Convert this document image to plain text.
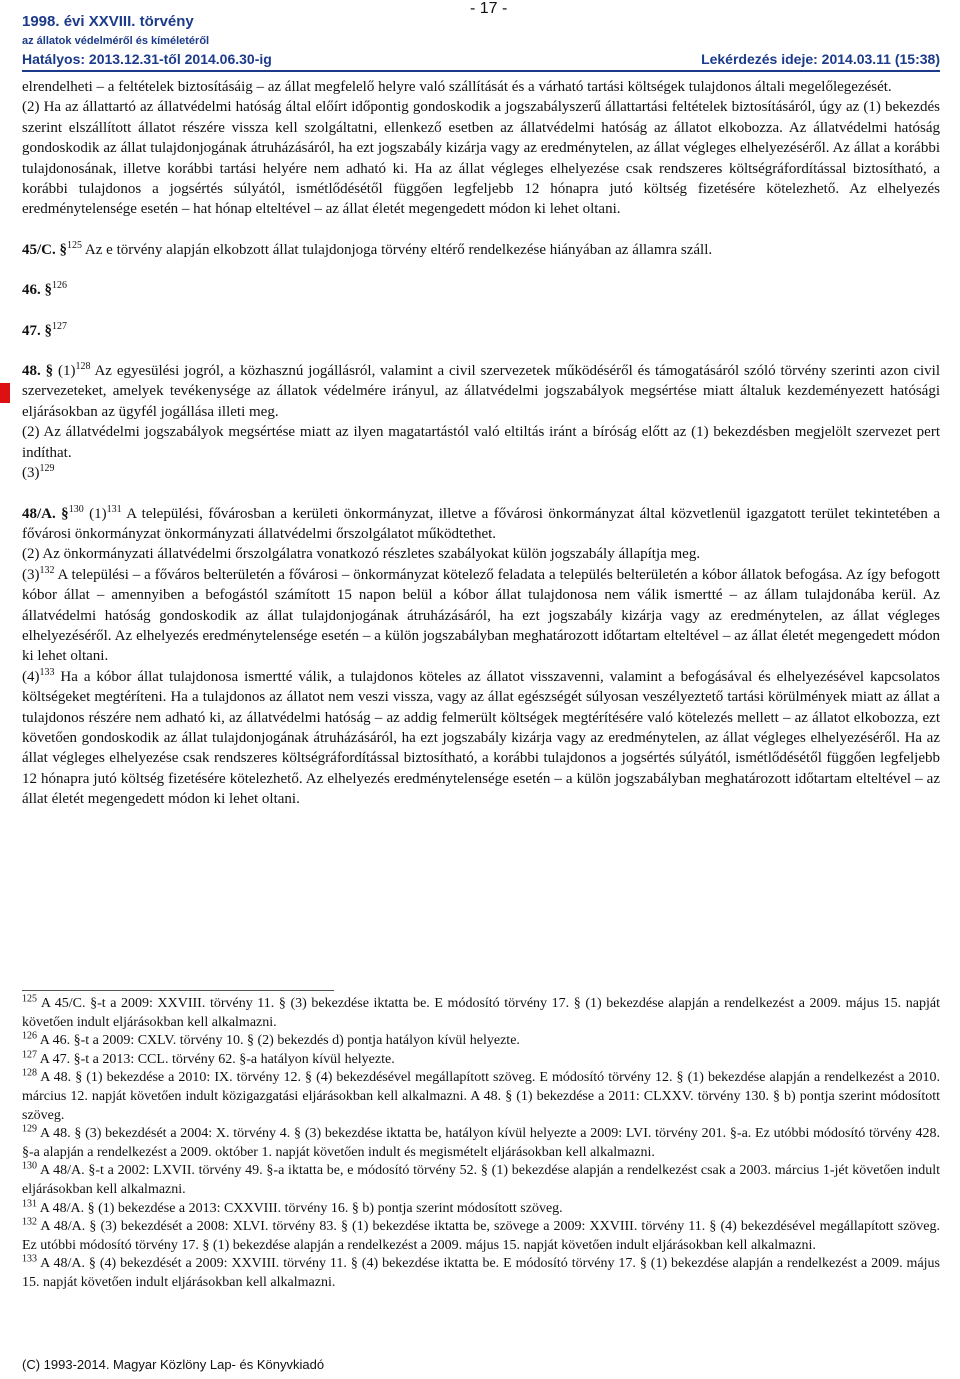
1998. évi XXVIII. törvény
az állatok védelméről és kíméletéről
Hatályos: 2013.12.31-től 2014.06.30-ig	Lekérdezés ideje: 2014.03.11 (15:38)
- 17 -

elrendelheti – a feltételek biztosításáig – az állat megfelelő helyre való szállítását és a várható tartási költségek tulajdonos általi megelőlegezését.

(2) Ha az állattartó az állatvédelmi hatóság által előírt időpontig gondoskodik a jogszabályszerű állattartási feltételek biztosításáról, úgy az (1) bekezdés szerint elszállított állatot részére vissza kell szolgáltatni, ellenkező esetben az állatvédelmi hatóság az állatot elkobozza. Az állatvédelmi hatóság gondoskodik az állat tulajdonjogának átruházásáról, ha ezt jogszabály kizárja vagy az eredménytelen, az állat végleges elhelyezéséről. Az állat a korábbi tulajdonosának, illetve korábbi tartási helyére nem adható ki. Ha az állat végleges elhelyezése csak rendszeres költségráfordítással biztosítható, a korábbi tulajdonos a jogsértés súlyától, ismétlődésétől függően legfeljebb 12 hónapra jutó költség fizetésére kötelezhető. Az elhelyezés eredménytelensége esetén – hat hónap elteltével – az állat életét megengedett módon ki lehet oltani.

45/C. §$^{125}$ Az e törvény alapján elkobzott állat tulajdonjoga törvény eltérő rendelkezése hiányában az államra száll.

46. §$^{126}$

47. §$^{127}$

48. § $(1)^{128}$ Az egyesülési jogról, a közhasznú jogállásról, valamint a civil szervezetek működéséről és támogatásáról szóló törvény szerinti azon civil szervezeteket, amelyek tevékenysége az állatok védelmére irányul, az állatvédelmi jogszabályok megsértése miatt általuk kezdeményezett hatósági eljárásokban az ügyfél jogállása illeti meg.

(2) Az állatvédelmi jogszabályok megsértése miatt az ilyen magatartástól való eltiltás iránt a bíróság előtt az (1) bekezdésben megjelölt szervezet pert indíthat.

$(3)^{129}$

48/A. §$^{130}$ $(1)^{131}$ A települési, fővárosban a kerületi önkormányzat, illetve a fővárosi önkormányzat által közvetlenül igazgatott terület tekintetében a fővárosi önkormányzat önkormányzati állatvédelmi őrszolgálatot működtethet.

(2) Az önkormányzati állatvédelmi őrszolgálatra vonatkozó részletes szabályokat külön jogszabály állapítja meg.

$(3)^{132}$ A települési – a főváros belterületén a fővárosi – önkormányzat kötelező feladata a település belterületén a kóbor állatok befogása. Az így befogott kóbor állat – amennyiben a befogástól számított 15 napon belül a kóbor állat tulajdonosa nem válik ismertté – az állam tulajdonába kerül. Az állatvédelmi hatóság gondoskodik az állat tulajdonjogának átruházásáról, ha ezt jogszabály kizárja vagy az eredménytelen, az állat végleges elhelyezéséről. Az elhelyezés eredménytelensége esetén – a külön jogszabályban meghatározott időtartam elteltével – az állat életét megengedett módon ki lehet oltani.

$(4)^{133}$ Ha a kóbor állat tulajdonosa ismertté válik, a tulajdonos köteles az állatot visszavenni, valamint a befogásával és elhelyezésével kapcsolatos költségeket megtéríteni. Ha a tulajdonos az állatot nem veszi vissza, vagy az állat egészségét súlyosan veszélyeztető tartási körülmények miatt az állat a tulajdonos részére nem adható ki, az állatvédelmi hatóság – az addig felmerült költségek megtérítésére való kötelezés mellett – az állatot elkobozza, ezt követően gondoskodik az állat tulajdonjogának átruházásáról, ha ezt jogszabály kizárja vagy az eredménytelen, az állat végleges elhelyezéséről. Ha az állat végleges elhelyezése csak rendszeres költségráfordítással biztosítható, a korábbi tulajdonos a jogsértés súlyától, ismétlődésétől függően legfeljebb 12 hónapra jutó költség fizetésére kötelezhető. Az elhelyezés eredménytelensége esetén – a külön jogszabályban meghatározott időtartam elteltével – az állat életét megengedett módon ki lehet oltani.

$^{125}$ A 45/C. §-t a 2009: XXVIII. törvény 11. § (3) bekezdése iktatta be. E módosító törvény 17. § (1) bekezdése alapján a rendelkezést a 2009. május 15. napját követően indult eljárásokban kell alkalmazni.

$^{126}$ A 46. §-t a 2009: CXLV. törvény 10. § (2) bekezdés d) pontja hatályon kívül helyezte.

$^{127}$ A 47. §-t a 2013: CCL. törvény 62. §-a hatályon kívül helyezte.

$^{128}$ A 48. § (1) bekezdése a 2010: IX. törvény 12. § (4) bekezdésével megállapított szöveg. E módosító törvény 12. § (1) bekezdése alapján a rendelkezést a 2010. március 12. napját követően indult közigazgatási eljárásokban kell alkalmazni. A 48. § (1) bekezdése a 2011: CLXXV. törvény 130. § b) pontja szerint módosított szöveg.

$^{129}$ A 48. § (3) bekezdését a 2004: X. törvény 4. § (3) bekezdése iktatta be, hatályon kívül helyezte a 2009: LVI. törvény 201. §-a. Ez utóbbi módosító törvény 428. §-a alapján a rendelkezést a 2009. október 1. napját követően indult és megismételt eljárásokban kell alkalmazni.

$^{130}$ A 48/A. §-t a 2002: LXVII. törvény 49. §-a iktatta be, e módosító törvény 52. § (1) bekezdése alapján a rendelkezést csak a 2003. március 1-jét követően indult eljárásokban kell alkalmazni.

$^{131}$ A 48/A. § (1) bekezdése a 2013: CXXVIII. törvény 16. § b) pontja szerint módosított szöveg.

$^{132}$ A 48/A. § (3) bekezdését a 2008: XLVI. törvény 83. § (1) bekezdése iktatta be, szövege a 2009: XXVIII. törvény 11. § (4) bekezdésével megállapított szöveg. Ez utóbbi módosító törvény 17. § (1) bekezdése alapján a rendelkezést a 2009. május 15. napját követően indult eljárásokban kell alkalmazni.

$^{133}$ A 48/A. § (4) bekezdését a 2009: XXVIII. törvény 11. § (4) bekezdése iktatta be. E módosító törvény 17. § (1) bekezdése alapján a rendelkezést a 2009. május 15. napját követően indult eljárásokban kell alkalmazni.

(C) 1993-2014. Magyar Közlöny Lap- és Könyvkiadó
